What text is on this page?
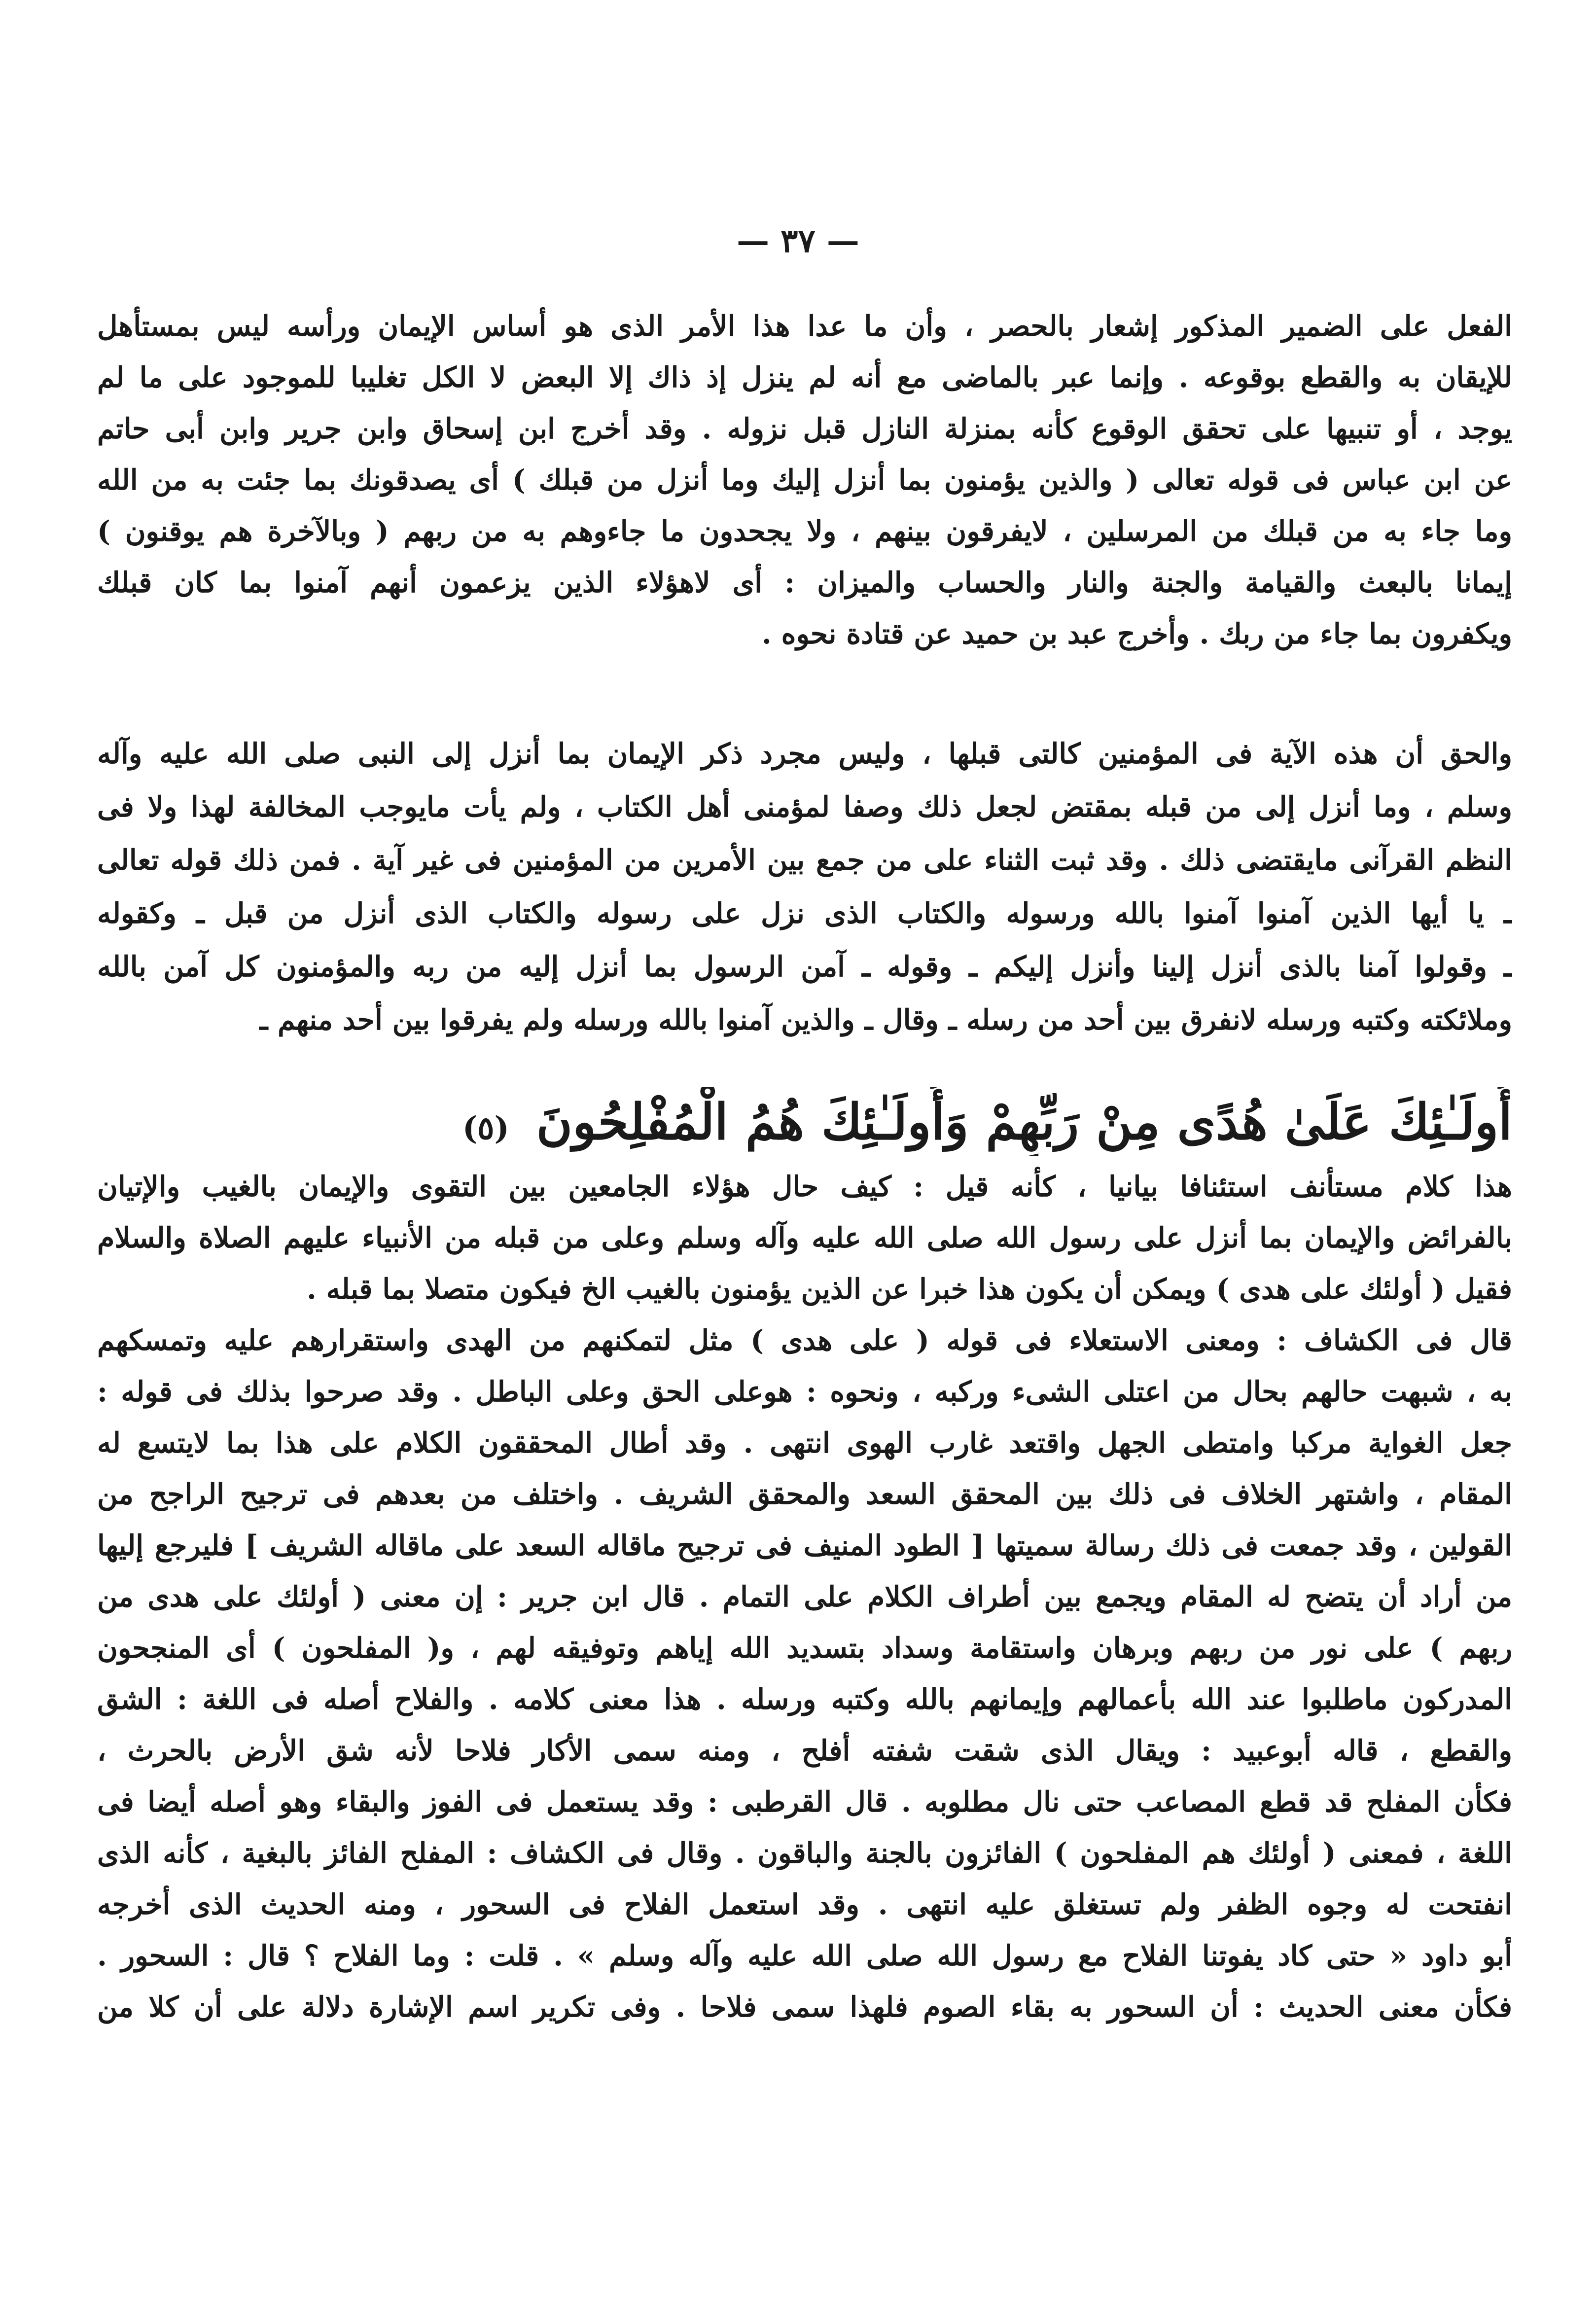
— ٣٧ —
الفعل على الضمير المذكور إشعار بالحصر ، وأن ما عدا هذا الأمر الذى هو أساس الإيمان ورأسه ليس بمستأهل
للإيقان به والقطع بوقوعه . وإنما عبر بالماضى مع أنه لم ينزل إذ ذاك إلا البعض لا الكل تغليبا للموجود على ما لم
يوجد ، أو تنبيها على تحقق الوقوع كأنه بمنزلة النازل قبل نزوله . وقد أخرج ابن إسحاق وابن جرير وابن أبى حاتم
عن ابن عباس فى قوله تعالى ( والذين يؤمنون بما أنزل إليك وما أنزل من قبلك ) أى يصدقونك بما جئت به من الله
وما جاء به من قبلك من المرسلين ، لايفرقون بينهم ، ولا يجحدون ما جاءوهم به من ربهم ( وبالآخرة هم يوقنون )
إيمانا بالبعث والقيامة والجنة والنار والحساب والميزان : أى لاهؤلاء الذين يزعمون أنهم آمنوا بما كان قبلك
ويكفرون بما جاء من ربك . وأخرج عبد بن حميد عن قتادة نحوه .
والحق أن هذه الآية فى المؤمنين كالتى قبلها ، وليس مجرد ذكر الإيمان بما أنزل إلى النبى صلى الله عليه وآله
وسلم ، وما أنزل إلى من قبله بمقتض لجعل ذلك وصفا لمؤمنى أهل الكتاب ، ولم يأت مايوجب المخالفة لهذا ولا فى
النظم القرآنى مايقتضى ذلك . وقد ثبت الثناء على من جمع بين الأمرين من المؤمنين فى غير آية . فمن ذلك قوله تعالى
ـ يا أيها الذين آمنوا آمنوا بالله ورسوله والكتاب الذى نزل على رسوله والكتاب الذى أنزل من قبل ـ وكقوله
ـ وقولوا آمنا بالذى أنزل إلينا وأنزل إليكم ـ وقوله ـ آمن الرسول بما أنزل إليه من ربه والمؤمنون كل آمن بالله
وملائكته وكتبه ورسله لانفرق بين أحد من رسله ـ وقال ـ والذين آمنوا بالله ورسله ولم يفرقوا بين أحد منهم ـ
أُولَـٰئِكَ عَلَىٰ هُدًى مِنْ رَبِّهِمْ وَأُولَـٰئِكَ هُمُ الْمُفْلِحُونَ (٥)
هذا كلام مستأنف استئنافا بيانيا ، كأنه قيل : كيف حال هؤلاء الجامعين بين التقوى والإيمان بالغيب والإتيان
بالفرائض والإيمان بما أنزل على رسول الله صلى الله عليه وآله وسلم وعلى من قبله من الأنبياء عليهم الصلاة والسلام
فقيل ( أولئك على هدى ) ويمكن أن يكون هذا خبرا عن الذين يؤمنون بالغيب الخ فيكون متصلا بما قبله .
قال فى الكشاف : ومعنى الاستعلاء فى قوله ( على هدى ) مثل لتمكنهم من الهدى واستقرارهم عليه وتمسكهم
به ، شبهت حالهم بحال من اعتلى الشىء وركبه ، ونحوه : هوعلى الحق وعلى الباطل . وقد صرحوا بذلك فى قوله :
جعل الغواية مركبا وامتطى الجهل واقتعد غارب الهوى انتهى . وقد أطال المحققون الكلام على هذا بما لايتسع له
المقام ، واشتهر الخلاف فى ذلك بين المحقق السعد والمحقق الشريف . واختلف من بعدهم فى ترجيح الراجح من
القولين ، وقد جمعت فى ذلك رسالة سميتها [ الطود المنيف فى ترجيح ماقاله السعد على ماقاله الشريف ] فليرجع إليها
من أراد أن يتضح له المقام ويجمع بين أطراف الكلام على التمام . قال ابن جرير : إن معنى ( أولئك على هدى من
ربهم ) على نور من ربهم وبرهان واستقامة وسداد بتسديد الله إياهم وتوفيقه لهم ، و( المفلحون ) أى المنجحون
المدركون ماطلبوا عند الله بأعمالهم وإيمانهم بالله وكتبه ورسله . هذا معنى كلامه . والفلاح أصله فى اللغة : الشق
والقطع ، قاله أبوعبيد : ويقال الذى شقت شفته أفلح ، ومنه سمى الأكار فلاحا لأنه شق الأرض بالحرث ،
فكأن المفلح قد قطع المصاعب حتى نال مطلوبه . قال القرطبى : وقد يستعمل فى الفوز والبقاء وهو أصله أيضا فى
اللغة ، فمعنى ( أولئك هم المفلحون ) الفائزون بالجنة والباقون . وقال فى الكشاف : المفلح الفائز بالبغية ، كأنه الذى
انفتحت له وجوه الظفر ولم تستغلق عليه انتهى . وقد استعمل الفلاح فى السحور ، ومنه الحديث الذى أخرجه
أبو داود « حتى كاد يفوتنا الفلاح مع رسول الله صلى الله عليه وآله وسلم » . قلت : وما الفلاح ؟ قال : السحور .
فكأن معنى الحديث : أن السحور به بقاء الصوم فلهذا سمى فلاحا . وفى تكرير اسم الإشارة دلالة على أن كلا من
